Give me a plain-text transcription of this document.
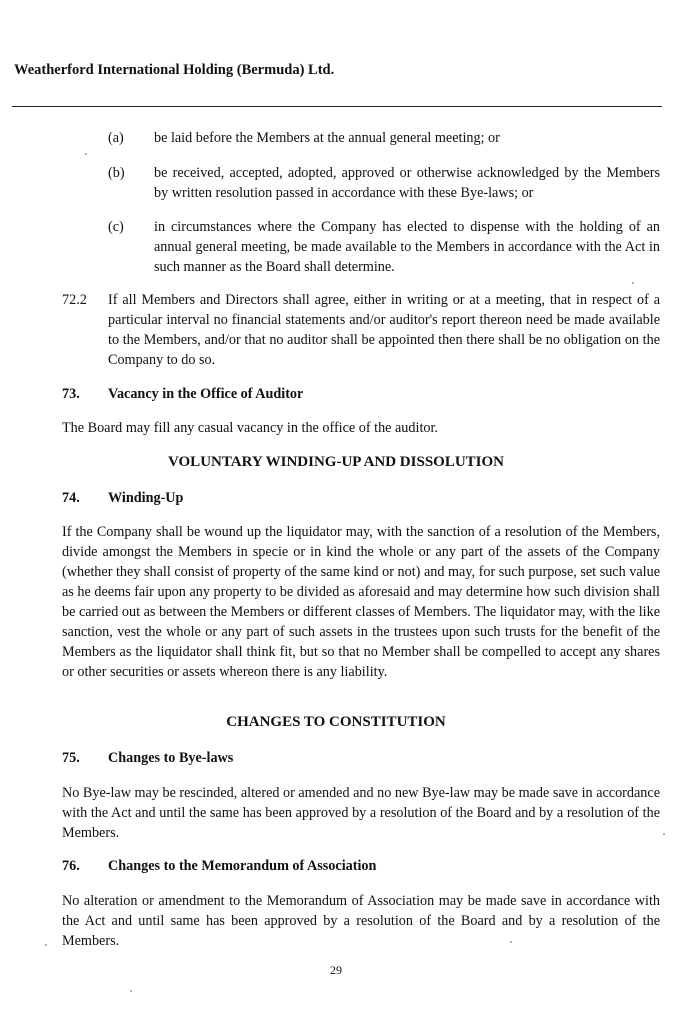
Weatherford International Holding (Bermuda) Ltd.
(a) be laid before the Members at the annual general meeting; or
(b) be received, accepted, adopted, approved or otherwise acknowledged by the Members by written resolution passed in accordance with these Bye-laws; or
(c) in circumstances where the Company has elected to dispense with the holding of an annual general meeting, be made available to the Members in accordance with the Act in such manner as the Board shall determine.
72.2 If all Members and Directors shall agree, either in writing or at a meeting, that in respect of a particular interval no financial statements and/or auditor's report thereon need be made available to the Members, and/or that no auditor shall be appointed then there shall be no obligation on the Company to do so.
73. Vacancy in the Office of Auditor
The Board may fill any casual vacancy in the office of the auditor.
VOLUNTARY WINDING-UP AND DISSOLUTION
74. Winding-Up
If the Company shall be wound up the liquidator may, with the sanction of a resolution of the Members, divide amongst the Members in specie or in kind the whole or any part of the assets of the Company (whether they shall consist of property of the same kind or not) and may, for such purpose, set such value as he deems fair upon any property to be divided as aforesaid and may determine how such division shall be carried out as between the Members or different classes of Members. The liquidator may, with the like sanction, vest the whole or any part of such assets in the trustees upon such trusts for the benefit of the Members as the liquidator shall think fit, but so that no Member shall be compelled to accept any shares or other securities or assets whereon there is any liability.
CHANGES TO CONSTITUTION
75. Changes to Bye-laws
No Bye-law may be rescinded, altered or amended and no new Bye-law may be made save in accordance with the Act and until the same has been approved by a resolution of the Board and by a resolution of the Members.
76. Changes to the Memorandum of Association
No alteration or amendment to the Memorandum of Association may be made save in accordance with the Act and until same has been approved by a resolution of the Board and by a resolution of the Members.
29
